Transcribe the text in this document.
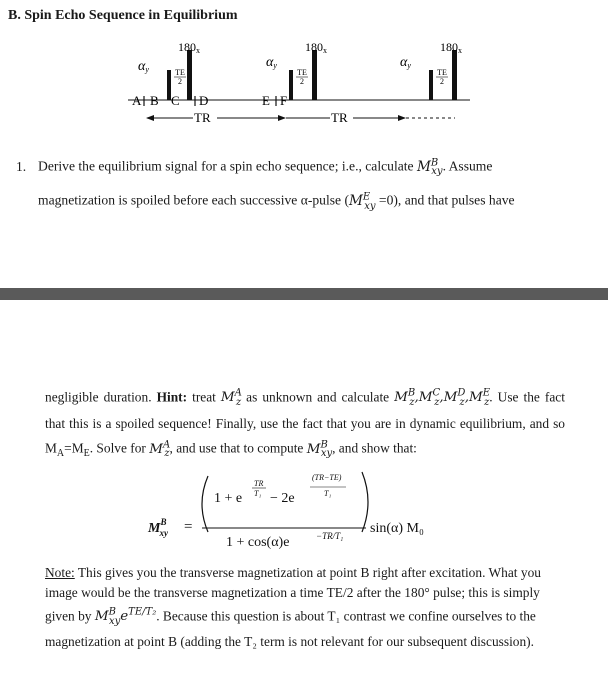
B. Spin Echo Sequence in Equilibrium
180x	180x	180x
αy	αy	αy
TE
2
TE
2
TE
2
A B C D	E F
TR	TR
1. Derive the equilibrium signal for a spin echo sequence; i.e., calculate $M^B_{xy}$. Assume
magnetization is spoiled before each successive α-pulse $(M^E_{xy} =0)$, and that pulses have
negligible duration. Hint: treat $M^A_z$ as unknown and calculate $M^B_z,M^C_z,M^D_z,M^E_z$. Use the fact that this is a spoiled sequence! Finally, use the fact that you are in dynamic equilibrium, and so $M_A=M_E$. Solve for $M^A_z$, and use that to compute $M^B_{xy}$, and show that:
$M^B$ xy =
1 + e
TR
T₁ − 2e
(TR−TE)
T₁
1 + cos(α)e	−TR/T₁ sin(α) M₀
Note: This gives you the transverse magnetization at point B right after excitation. What you image would be the transverse magnetization a time TE/2 after the 180° pulse; this is simply given by $M^B_{xy}e^{TE/T_2}$. Because this question is about T₁ contrast we confine ourselves to the magnetization at point B (adding the T₂ term is not relevant for our subsequent discussion).
